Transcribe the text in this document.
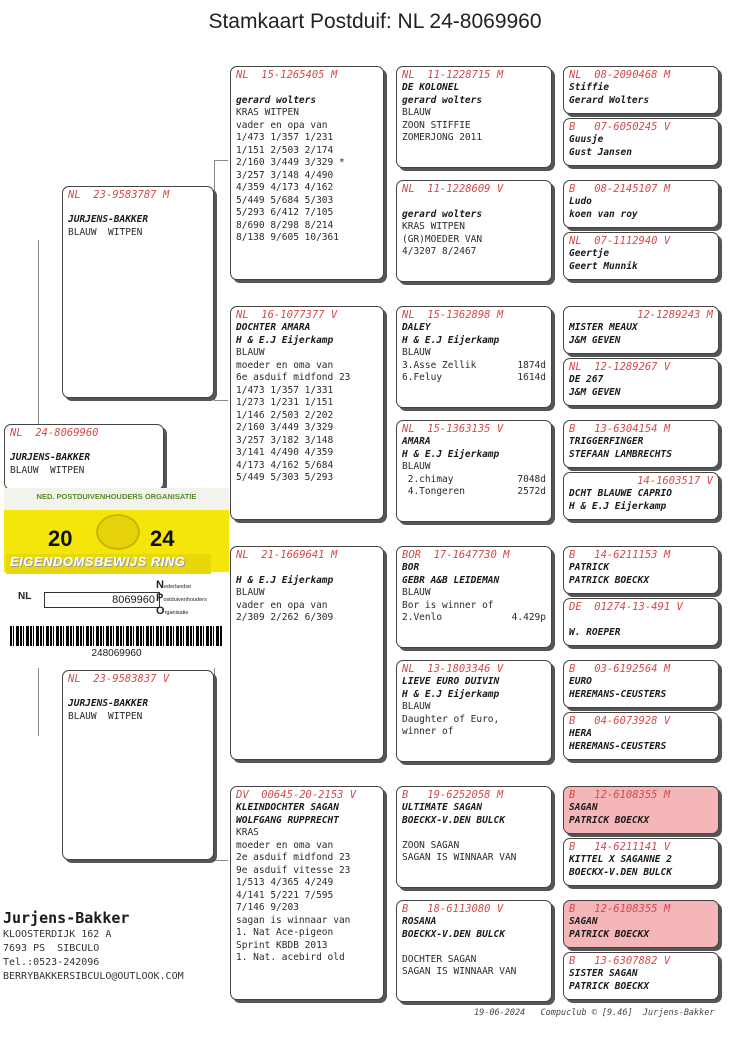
Stamkaart Postduif: NL 24-8069960
NL  24-8069960
JURJENS-BAKKER
BLAUW  WITPEN
NL  23-9583787 M
JURJENS-BAKKER
BLAUW  WITPEN
NL  23-9583837 V
JURJENS-BAKKER
BLAUW  WITPEN
NED. POSTDUIVENHOUDERS ORGANISATIE
20	24
EIGENDOMSBEWIJS RING
NL	8069960
Nederlandse
Postduivenhouders
Organisatie
248069960
NL  15-1265405 M

gerard wolters
KRAS WITPEN
vader en opa van
1/473 1/357 1/231
1/151 2/503 2/174
2/160 3/449 3/329 *
3/257 3/148 4/490
4/359 4/173 4/162
5/449 5/684 5/303
5/293 6/412 7/105
8/690 8/298 8/214
8/138 9/605 10/361
NL  16-1077377 V
DOCHTER AMARA
H & E.J Eijerkamp
BLAUW
moeder en oma van
6e asduif midfond 23
1/473 1/357 1/331
1/273 1/231 1/151
1/146 2/503 2/202
2/160 3/449 3/329
3/257 3/182 3/148
3/141 4/490 4/359
4/173 4/162 5/684
5/449 5/303 5/293
NL  21-1669641 M

H & E.J Eijerkamp
BLAUW
vader en opa van
2/309 2/262 6/309
DV  00645-20-2153 V
KLEINDOCHTER SAGAN
WOLFGANG RUPPRECHT
KRAS
moeder en oma van
2e asduif midfond 23
9e asduif vitesse 23
1/513 4/365 4/249
4/141 5/221 7/595
7/146 9/203
sagan is winnaar van
1. Nat Ace-pigeon
Sprint KBDB 2013
1. Nat. acebird old
NL  11-1228715 M
DE KOLONEL
gerard wolters
BLAUW
ZOON STIFFIE
ZOMERJONG 2011
NL  11-1228609 V

gerard wolters
KRAS WITPEN
(GR)MOEDER VAN
4/3207 8/2467
NL  15-1362898 M
DALEY
H & E.J Eijerkamp
BLAUW
3.Asse Zellik	1874d
6.Feluy	1614d
NL  15-1363135 V
AMARA
H & E.J Eijerkamp
BLAUW
2.chimay	7048d
4.Tongeren	2572d
BOR  17-1647730 M
BOR
GEBR A&B LEIDEMAN
BLAUW
Bor is winner of
2.Venlo	4.429p
NL  13-1803346 V
LIEVE EURO DUIVIN
H & E.J Eijerkamp
BLAUW
Daughter of Euro,
winner of
B   19-6252058 M
ULTIMATE SAGAN
BOECKX-V.DEN BULCK

ZOON SAGAN
SAGAN IS WINNAAR VAN
B   18-6113080 V
ROSANA
BOECKX-V.DEN BULCK

DOCHTER SAGAN
SAGAN IS WINNAAR VAN
NL  08-2090468 M
Stiffie
Gerard Wolters
B   07-6050245 V
Guusje
Gust Jansen
B   08-2145107 M
Ludo
koen van roy
NL  07-1112940 V
Geertje
Geert Munnik
12-1289243 M
MISTER MEAUX
J&M GEVEN
NL  12-1289267 V
DE 267
J&M GEVEN
B   13-6304154 M
TRIGGERFINGER
STEFAAN LAMBRECHTS
14-1603517 V
DCHT BLAUWE CAPRIO
H & E.J Eijerkamp
B   14-6211153 M
PATRICK
PATRICK BOECKX
DE  01274-13-491 V

W. ROEPER
B   03-6192564 M
EURO
HEREMANS-CEUSTERS
B   04-6073928 V
HERA
HEREMANS-CEUSTERS
B   12-6108355 M
SAGAN
PATRICK BOECKX
B   14-6211141 V
KITTEL X SAGANNE 2
BOECKX-V.DEN BULCK
B   12-6108355 M
SAGAN
PATRICK BOECKX
B   13-6307882 V
SISTER SAGAN
PATRICK BOECKX
Jurjens-Bakker
KLOOSTERDIJK 162 A
7693 PS  SIBCULO
Tel.:0523-242096
BERRYBAKKERSIBCULO@OUTLOOK.COM
19-06-2024   Compuclub © [9.46]  Jurjens-Bakker
